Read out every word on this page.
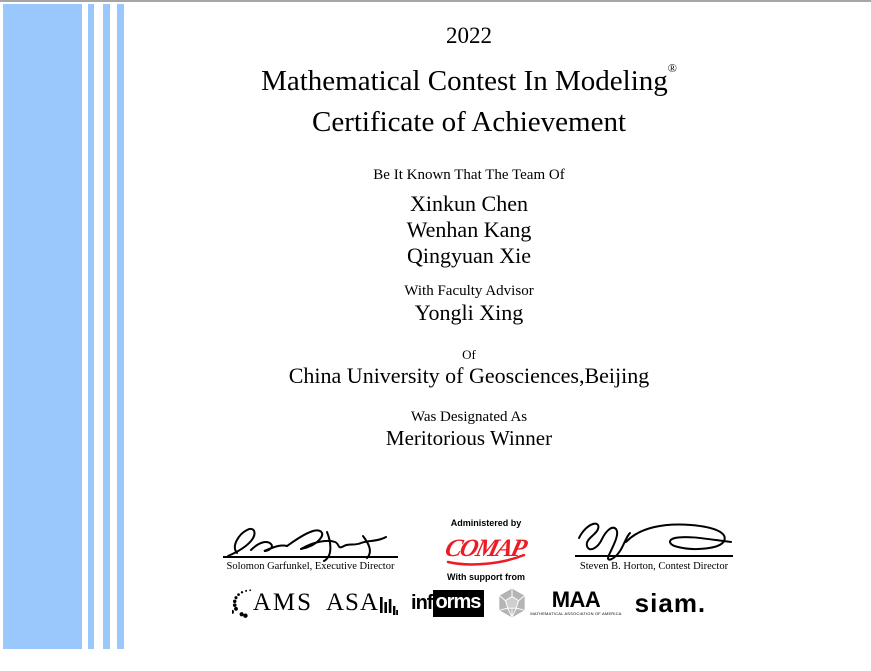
2022
Mathematical Contest In Modeling®
Certificate of Achievement
Be It Known That The Team Of
Xinkun Chen
Wenhan Kang
Qingyuan Xie
With Faculty Advisor
Yongli Xing
Of
China University of Geosciences,Beijing
Was Designated As
Meritorious Winner
Solomon Garfunkel, Executive Director
Administered by
COMAP
With support from
Steven B. Horton, Contest Director
AMS ASA inf orms	MAA
MATHEMATICAL ASSOCIATION OF AMERICA siam.
